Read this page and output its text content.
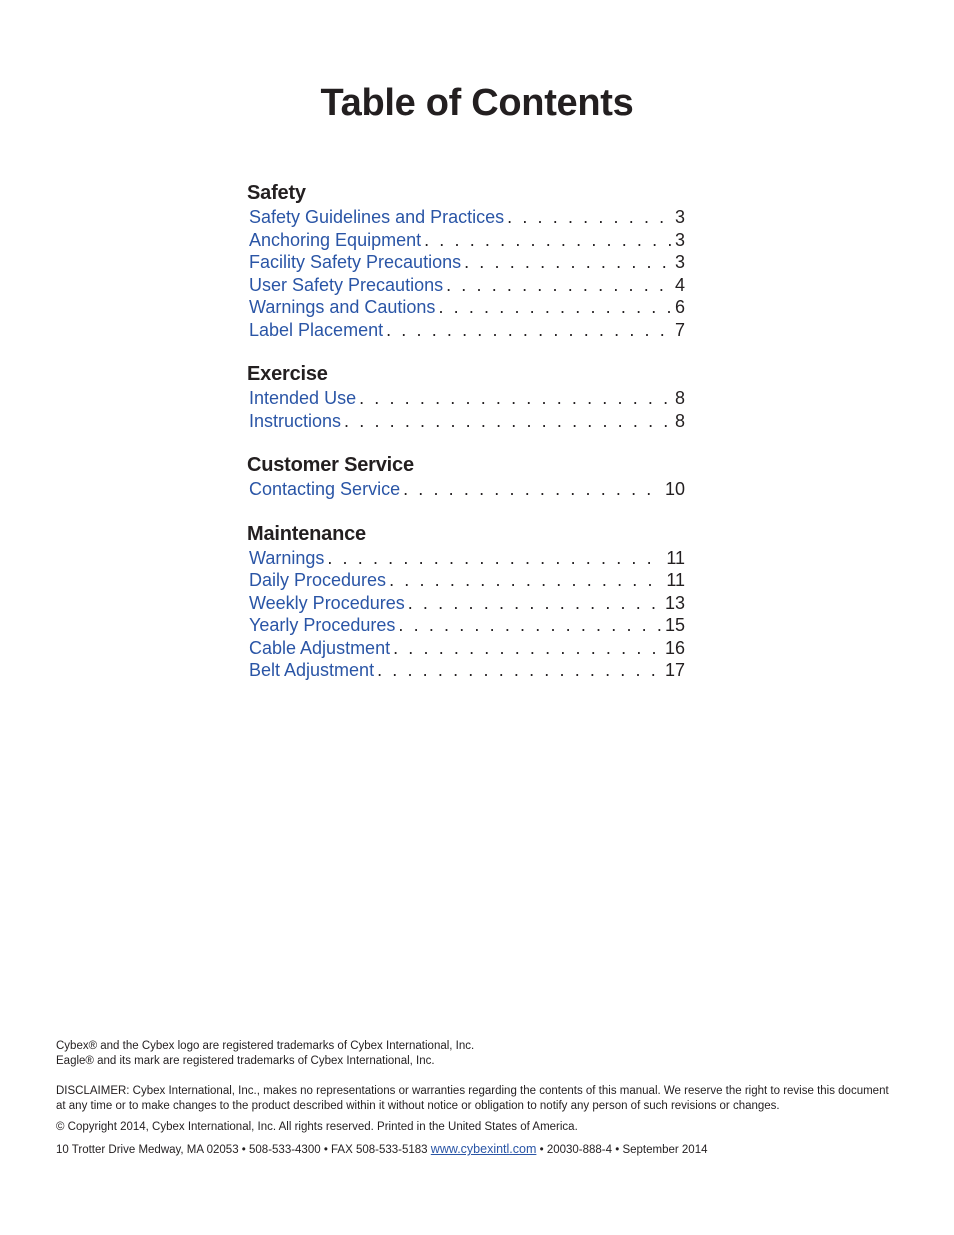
Table of Contents
Safety
Safety Guidelines and Practices . . .	3
Anchoring Equipment . . .	3
Facility Safety Precautions . . .	3
User Safety Precautions . . .	4
Warnings and Cautions . . .	6
Label Placement . . .	7
Exercise
Intended Use . . .	8
Instructions . . .	8
Customer Service
Contacting Service . . .	10
Maintenance
Warnings . . .	11
Daily Procedures . . .	11
Weekly Procedures . . .	13
Yearly Procedures . . .	15
Cable Adjustment . . .	16
Belt Adjustment . . .	17

Cybex® and the Cybex logo are registered trademarks of Cybex International, Inc.

Eagle® and its mark are registered trademarks of Cybex International, Inc.

DISCLAIMER: Cybex International, Inc., makes no representations or warranties regarding the contents of this manual. We reserve the right to revise this document at any time or to make changes to the product described within it without notice or obligation to notify any person of such revisions or changes.

© Copyright 2014, Cybex International, Inc. All rights reserved. Printed in the United States of America.

10 Trotter Drive Medway, MA 02053 • 508-533-4300 • FAX 508-533-5183 www.cybexintl.com • 20030-888-4 • September 2014
